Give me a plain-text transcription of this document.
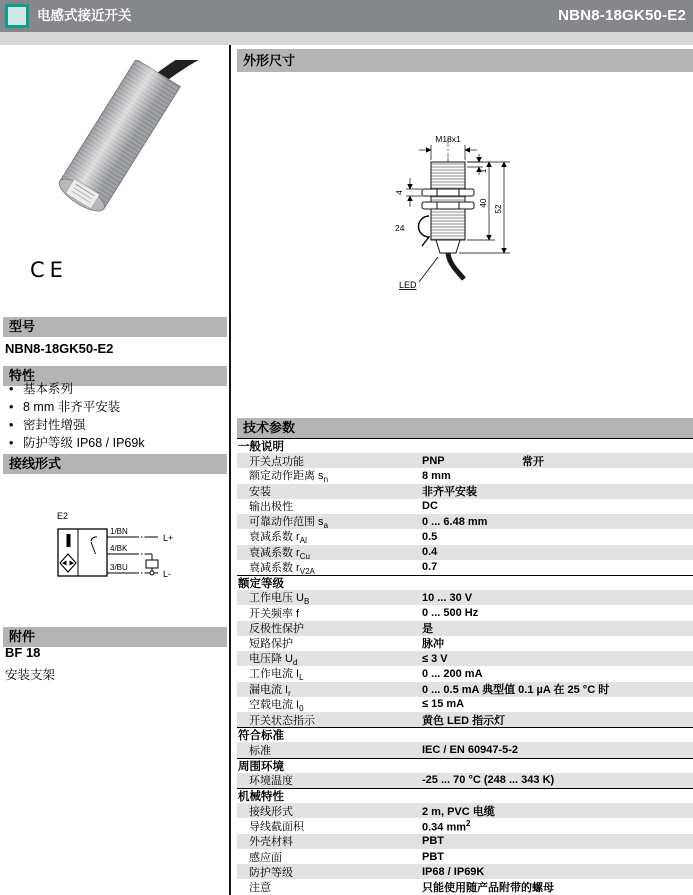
电感式接近开关	NBN8-18GK50-E2
CE
型号
NBN8-18GK50-E2
特性
• 基本系列
• 8 mm 非齐平安装
• 密封性增强
• 防护等级 IP68 / IP69k
接线形式
E2
1/BN
4/BK
3/BU
L+
L-
附件
BF 18
安装支架
外形尺寸
M18x1
1
4
40
52
24
LED
技术参数
一般说明
开关点功能	PNP	常开
额定动作距离 $s_n$	8 mm
安装	非齐平安装
输出极性	DC
可靠动作范围 $s_a$	0 ... 6.48 mm
衰减系数 $r_{Al}$	0.5
衰减系数 $r_{Cu}$	0.4
衰减系数 $r_{V2A}$	0.7
额定等级
工作电压 $U_B$	10 ... 30 V
开关频率 f	0 ... 500 Hz
反极性保护	是
短路保护	脉冲
电压降 $U_d$	≤ 3 V
工作电流 $I_L$	0 ... 200 mA
漏电流 $I_r$	0 ... 0.5 mA 典型值 0.1 µA 在 25 °C 时
空载电流 $I_0$	≤ 15 mA
开关状态指示	黄色 LED 指示灯
符合标准
标准	IEC / EN 60947-5-2
周围环境
环境温度	-25 ... 70 °C (248 ... 343 K)
机械特性
接线形式	2 m, PVC 电缆
导线截面积	0.34 $mm^2$
外壳材料	PBT
感应面	PBT
防护等级	IP68 / IP69K
注意	只能使用随产品附带的螺母
